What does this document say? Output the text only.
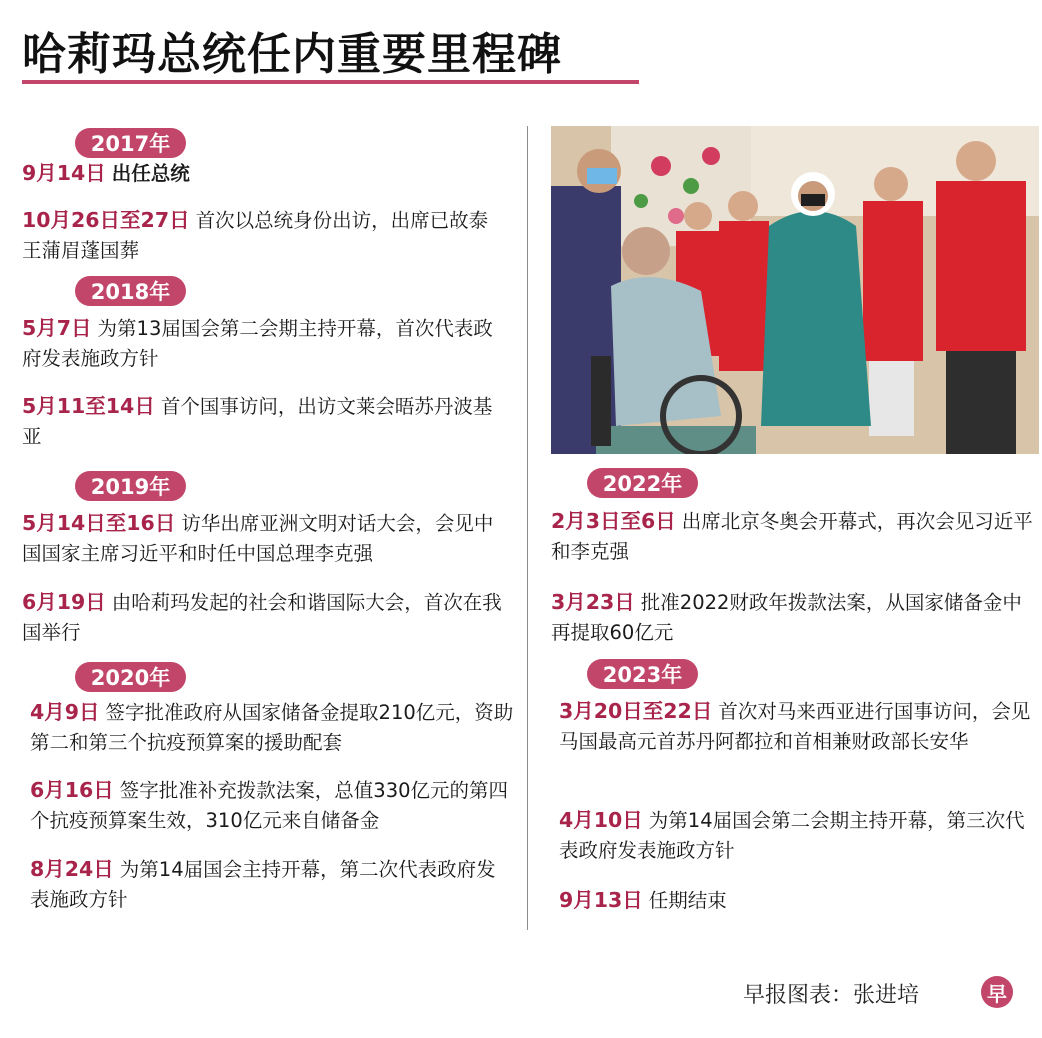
哈莉玛总统任内重要里程碑
2017年
9月14日 出任总统
10月26日至27日 首次以总统身份出访，出席已故泰王蒲眉蓬国葬
2018年
5月7日 为第13届国会第二会期主持开幕，首次代表政府发表施政方针
5月11至14日 首个国事访问，出访文莱会晤苏丹波基亚
2019年
5月14日至16日 访华出席亚洲文明对话大会，会见中国国家主席习近平和时任中国总理李克强
6月19日 由哈莉玛发起的社会和谐国际大会，首次在我国举行
2020年
4月9日 签字批准政府从国家储备金提取210亿元，资助第二和第三个抗疫预算案的援助配套
6月16日 签字批准补充拨款法案，总值330亿元的第四个抗疫预算案生效，310亿元来自储备金
8月24日 为第14届国会主持开幕，第二次代表政府发表施政方针
2022年
2月3日至6日 出席北京冬奥会开幕式，再次会见习近平和李克强
3月23日 批准2022财政年拨款法案，从国家储备金中再提取60亿元
2023年
3月20日至22日 首次对马来西亚进行国事访问，会见马国最高元首苏丹阿都拉和首相兼财政部长安华
4月10日 为第14届国会第二会期主持开幕，第三次代表政府发表施政方针
9月13日 任期结束
早报图表：张进培	早
